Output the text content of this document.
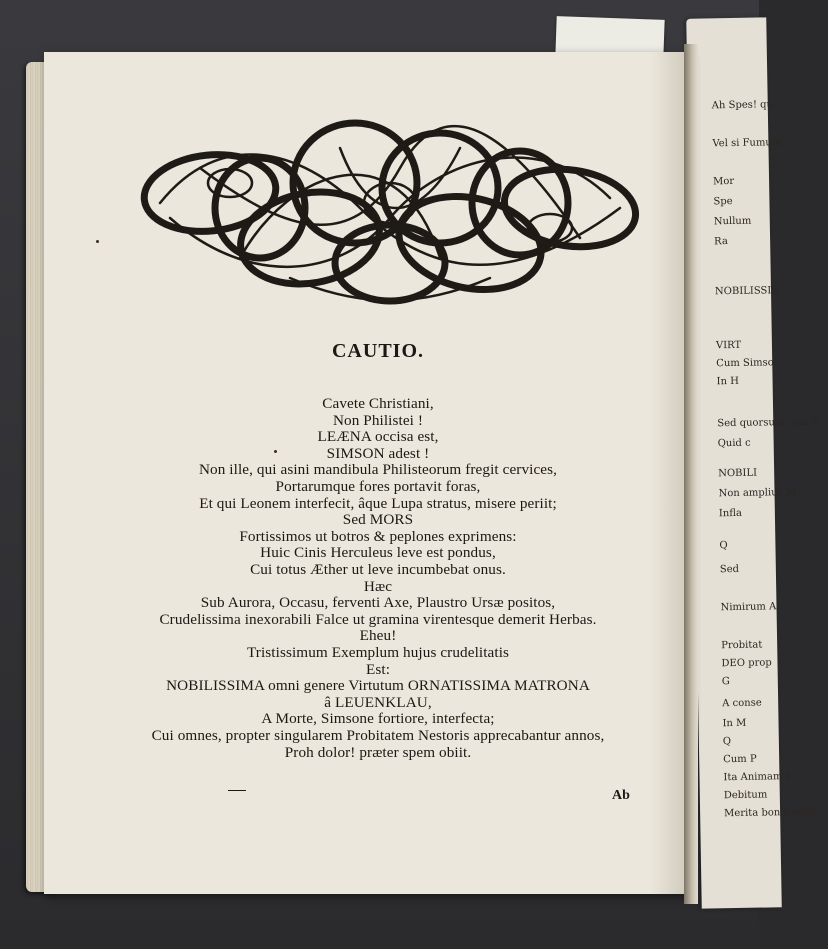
Ah Spes! qu
Vel si Fumum
Mor
Spe
Nullum
Ra
NOBILISSIN
VIRT
Cum Simso
In H
Sed quorsum cum E
Quid c
NOBILI
Non amplius M
Infla
Q
Sed
Nimirum A
Probitat
DEO prop
G
A conse
In M
Q
Cum P
Ita Animam D
Debitum
Merita bonis exist

CAUTIO.
Cavete Christiani,
Non Philistei !
LEÆNA occisa est,
SIMSON adest !
Non ille, qui asini mandibula Philisteorum fregit cervices,
Portarumque fores portavit foras,
Et qui Leonem interfecit, âque Lupa stratus, misere periit;
Sed MORS
Fortissimos ut botros & peplones exprimens:
Huic Cinis Herculeus leve est pondus,
Cui totus Æther ut leve incumbebat onus.
Hæc
Sub Aurora, Occasu, ferventi Axe, Plaustro Ursæ positos,
Crudelissima inexorabili Falce ut gramina virentesque demerit Herbas.
Eheu!
Tristissimum Exemplum hujus crudelitatis
Est:
NOBILISSIMA omni genere Virtutum ORNATISSIMA MATRONA
â LEUENKLAU,
A Morte, Simsone fortiore, interfecta;
Cui omnes, propter singularem Probitatem Nestoris apprecabantur annos,
Proh dolor! præter spem obiit.
Ab
